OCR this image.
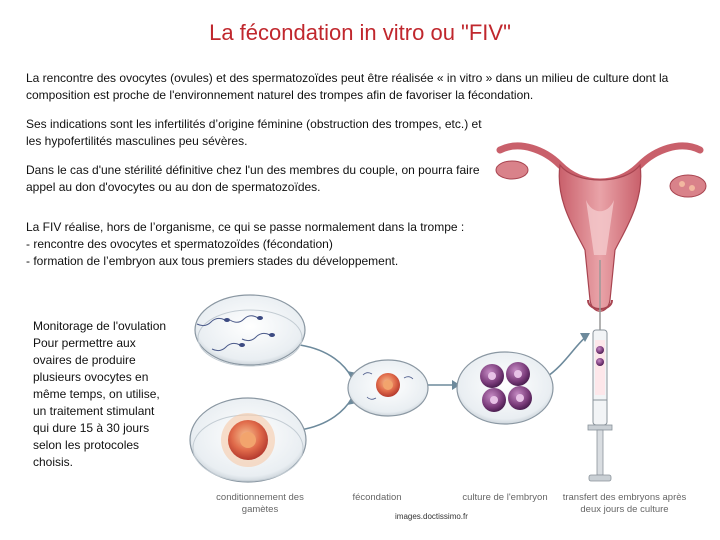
La fécondation in vitro ou "FIV"
La rencontre des ovocytes (ovules) et des spermatozoïdes peut être réalisée « in vitro » dans un milieu de culture dont la composition est proche de l'environnement naturel des trompes afin de favoriser la fécondation.
Ses indications sont les infertilités d’origine féminine (obstruction des trompes, etc.) et les hypofertilités masculines peu sévères.
Dans le cas d'une stérilité définitive chez l'un des membres du couple, on pourra faire appel au don d'ovocytes ou au don de spermatozoïdes.
La FIV réalise, hors de l’organisme, ce qui se passe normalement dans la trompe :
- rencontre des ovocytes et spermatozoïdes (fécondation)
- formation de l’embryon aux tous premiers stades du développement.
Monitorage de l'ovulation Pour permettre aux ovaires de produire plusieurs ovocytes en même temps, on utilise, un traitement stimulant qui dure 15 à 30 jours selon les protocoles choisis.
conditionnement des gamètes
fécondation	culture de l'embryon	transfert des embryons après deux jours de culture
images.doctissimo.fr
